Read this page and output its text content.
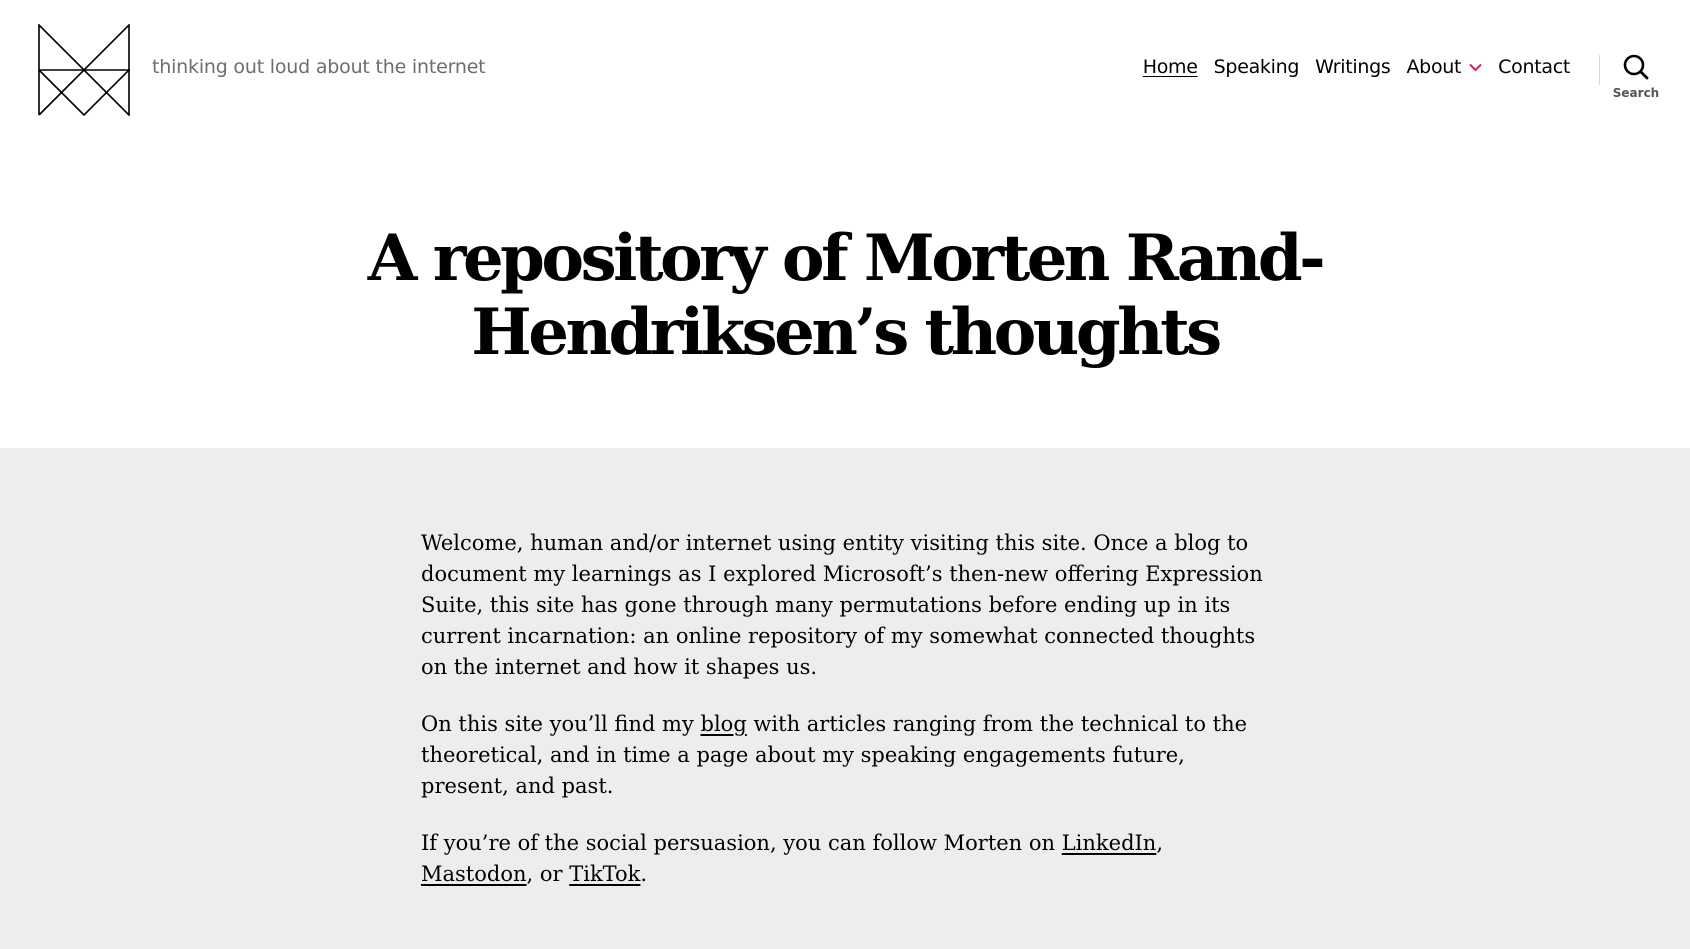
thinking out loud about the internet	Home Speaking Writings About Contact
Search
A repository of Morten Rand-Hendriksen’s thoughts

Welcome, human and/or internet using entity visiting this site. Once a blog to document my learnings as I explored Microsoft’s then-new offering Expression Suite, this site has gone through many permutations before ending up in its current incarnation: an online repository of my somewhat connected thoughts on the internet and how it shapes us.

On this site you’ll find my blog with articles ranging from the technical to the theoretical, and in time a page about my speaking engagements future, present, and past.

If you’re of the social persuasion, you can follow Morten on LinkedIn, Mastodon, or TikTok.
